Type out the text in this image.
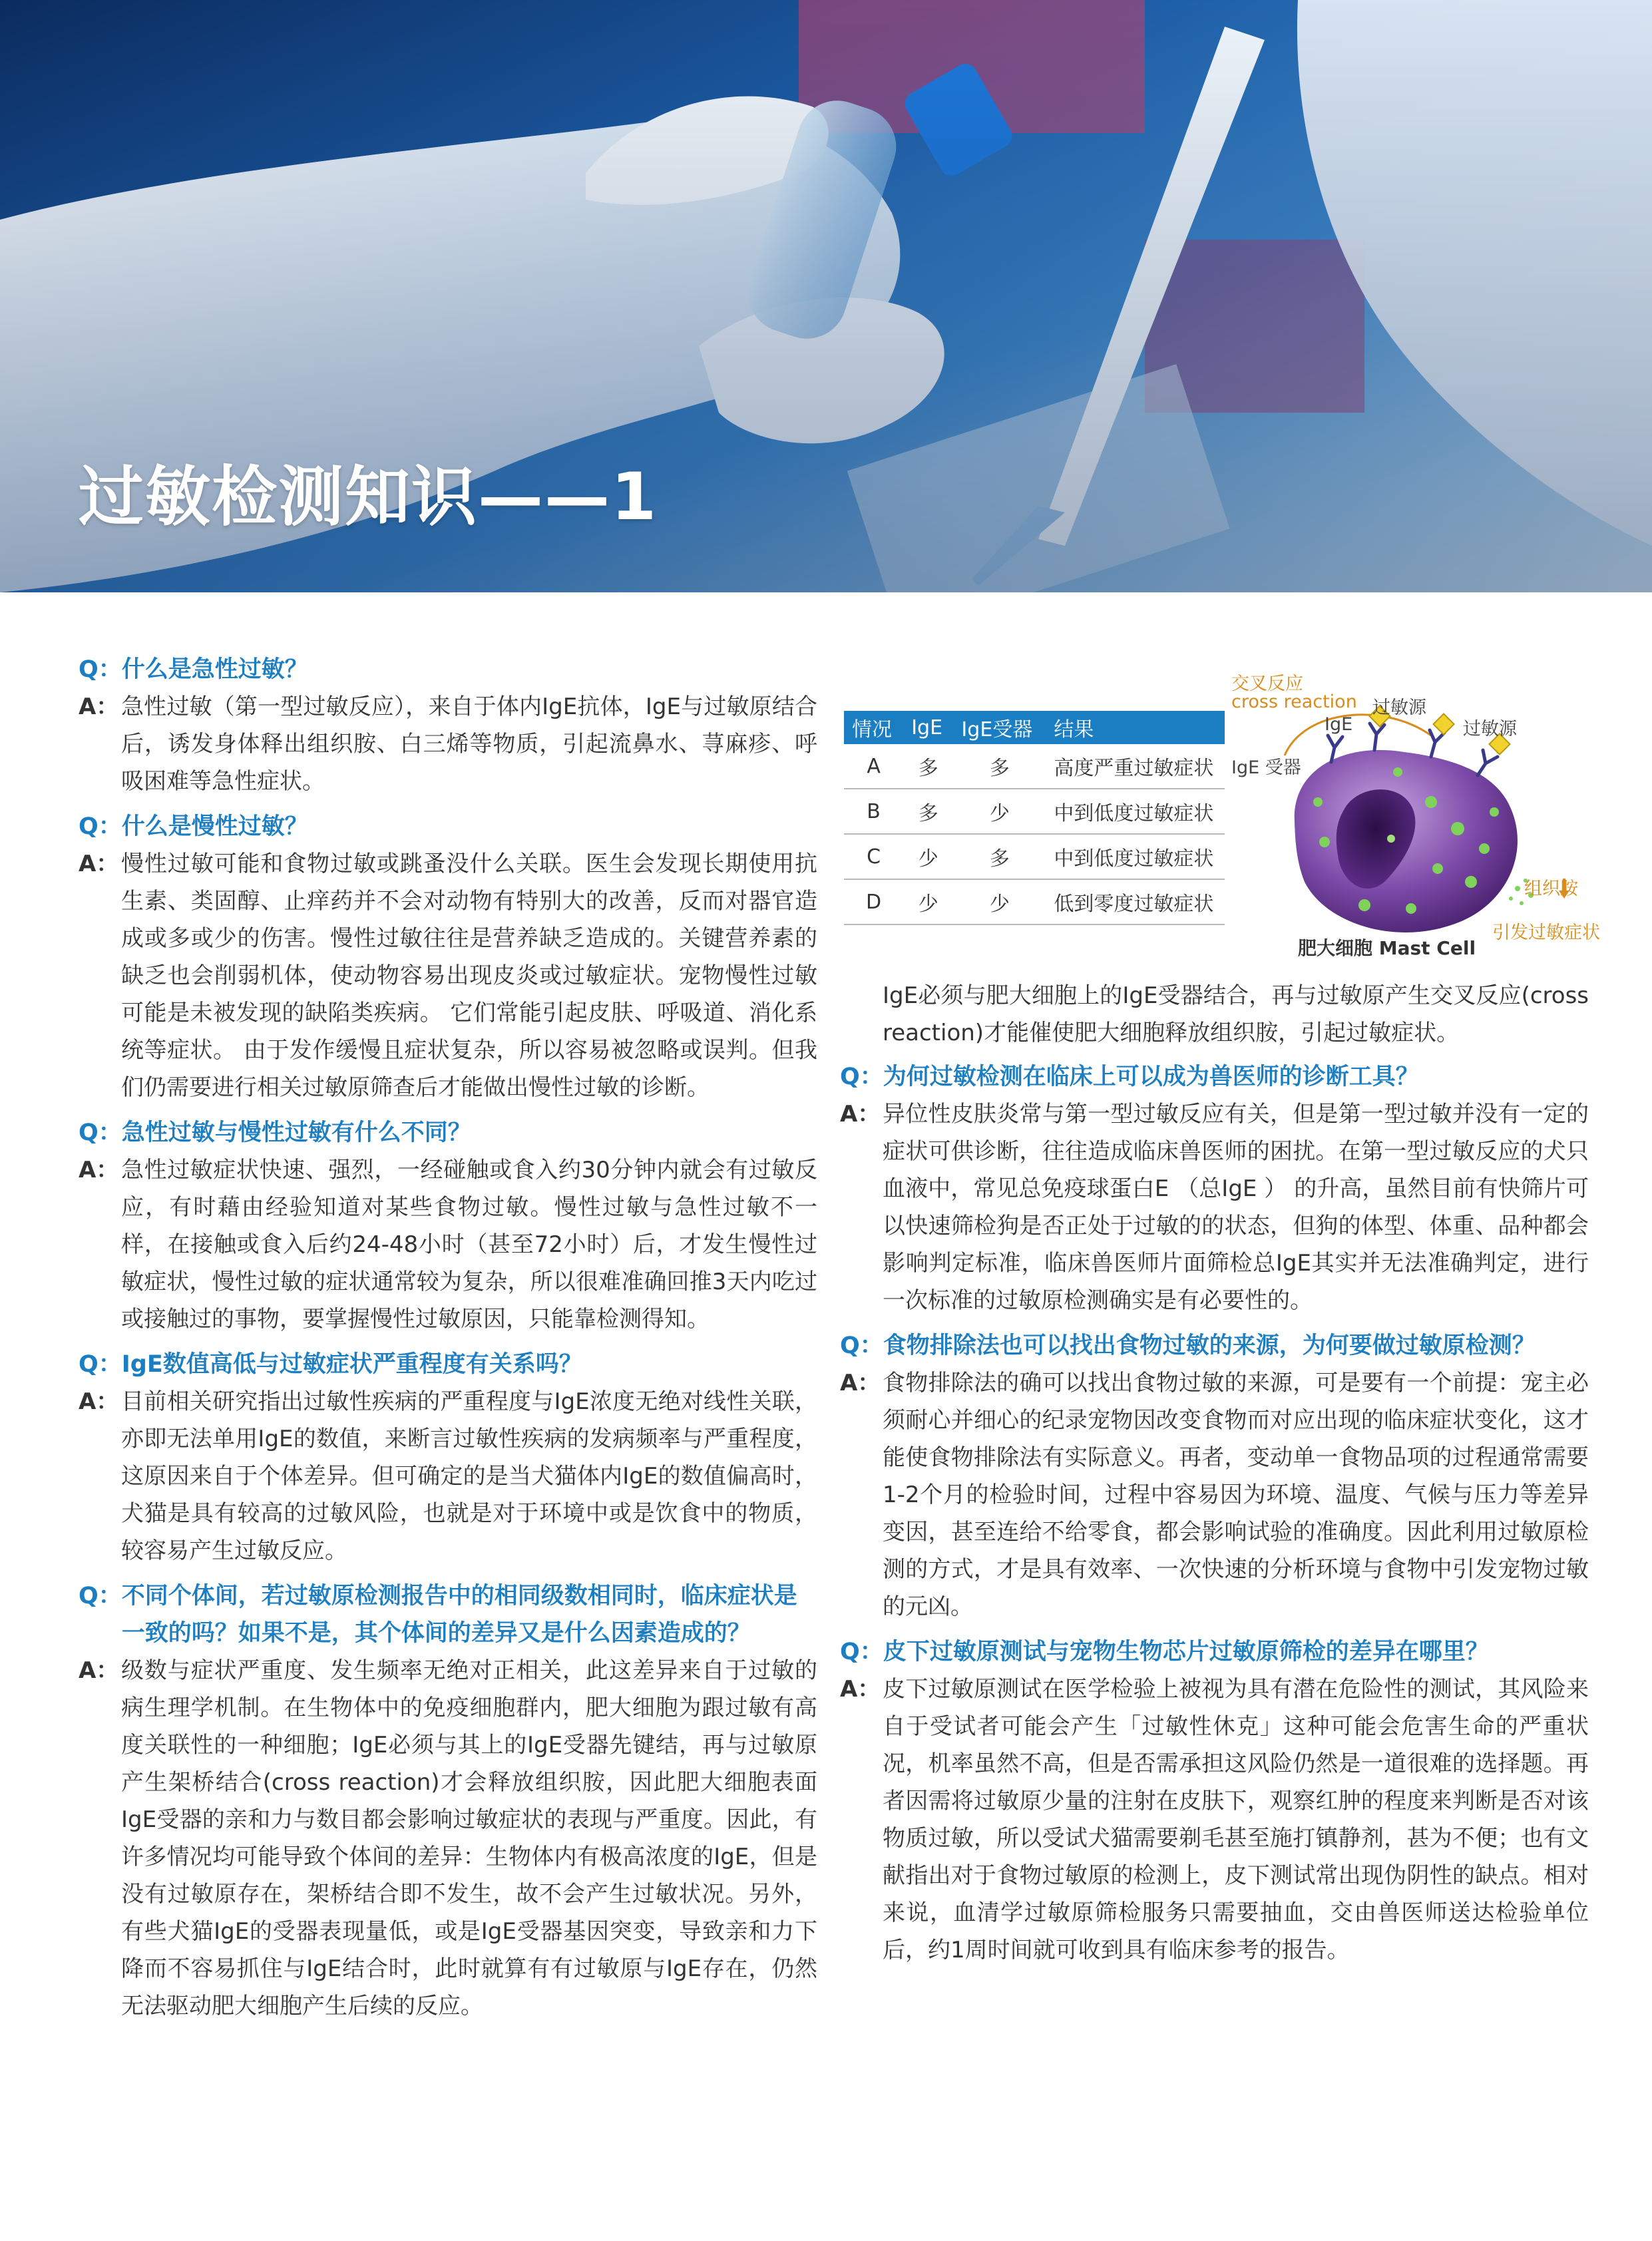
过敏检测知识——1
Q： 什么是急性过敏？
A： 急性过敏（第一型过敏反应），来自于体内IgE抗体，IgE与过敏原结合后，诱发身体释出组织胺、白三烯等物质，引起流鼻水、荨麻疹、呼吸困难等急性症状。
Q： 什么是慢性过敏？
A： 慢性过敏可能和食物过敏或跳蚤没什么关联。医生会发现长期使用抗生素、类固醇、止痒药并不会对动物有特别大的改善，反而对器官造成或多或少的伤害。慢性过敏往往是营养缺乏造成的。关键营养素的缺乏也会削弱机体，使动物容易出现皮炎或过敏症状。宠物慢性过敏可能是未被发现的缺陷类疾病。 它们常能引起皮肤、呼吸道、消化系统等症状。 由于发作缓慢且症状复杂，所以容易被忽略或误判。但我们仍需要进行相关过敏原筛查后才能做出慢性过敏的诊断。
Q： 急性过敏与慢性过敏有什么不同？
A： 急性过敏症状快速、强烈，一经碰触或食入约30分钟内就会有过敏反应，有时藉由经验知道对某些食物过敏。慢性过敏与急性过敏不一样，在接触或食入后约24-48小时（甚至72小时）后，才发生慢性过敏症状，慢性过敏的症状通常较为复杂，所以很难准确回推3天内吃过或接触过的事物，要掌握慢性过敏原因，只能靠检测得知。
Q： IgE数值高低与过敏症状严重程度有关系吗？
A： 目前相关研究指出过敏性疾病的严重程度与IgE浓度无绝对线性关联，亦即无法单用IgE的数值，来断言过敏性疾病的发病频率与严重程度，这原因来自于个体差异。但可确定的是当犬猫体内IgE的数值偏高时，犬猫是具有较高的过敏风险，也就是对于环境中或是饮食中的物质，较容易产生过敏反应。
Q： 不同个体间，若过敏原检测报告中的相同级数相同时，临床症状是一致的吗？如果不是，其个体间的差异又是什么因素造成的？
A： 级数与症状严重度、发生频率无绝对正相关，此这差异来自于过敏的病生理学机制。在生物体中的免疫细胞群内，肥大细胞为跟过敏有高度关联性的一种细胞；IgE必须与其上的IgE受器先键结，再与过敏原产生架桥结合(cross reaction)才会释放组织胺，因此肥大细胞表面IgE受器的亲和力与数目都会影响过敏症状的表现与严重度。因此，有许多情况均可能导致个体间的差异：生物体内有极高浓度的IgE，但是没有过敏原存在，架桥结合即不发生，故不会产生过敏状况。另外，有些犬猫IgE的受器表现量低，或是IgE受器基因突变，导致亲和力下降而不容易抓住与IgE结合时，此时就算有有过敏原与IgE存在，仍然无法驱动肥大细胞产生后续的反应。
情况	IgE	IgE受器	结果
A	多	多	高度严重过敏症状
B	多	少	中到低度过敏症状
C	少	多	中到低度过敏症状
D	少	少	低到零度过敏症状
交叉反应
cross reaction 过敏源
IgE	过敏源
IgE 受器
组织胺
引发过敏症状
肥大细胞 Mast Cell
IgE必须与肥大细胞上的IgE受器结合，再与过敏原产生交叉反应(cross reaction)才能催使肥大细胞释放组织胺，引起过敏症状。
Q： 为何过敏检测在临床上可以成为兽医师的诊断工具？
A： 异位性皮肤炎常与第一型过敏反应有关，但是第一型过敏并没有一定的症状可供诊断，往往造成临床兽医师的困扰。在第一型过敏反应的犬只血液中，常见总免疫球蛋白E （总IgE ） 的升高，虽然目前有快筛片可以快速筛检狗是否正处于过敏的的状态，但狗的体型、体重、品种都会影响判定标准，临床兽医师片面筛检总IgE其实并无法准确判定，进行一次标准的过敏原检测确实是有必要性的。
Q： 食物排除法也可以找出食物过敏的来源，为何要做过敏原检测？
A： 食物排除法的确可以找出食物过敏的来源，可是要有一个前提：宠主必须耐心并细心的纪录宠物因改变食物而对应出现的临床症状变化，这才能使食物排除法有实际意义。再者，变动单一食物品项的过程通常需要1-2个月的检验时间，过程中容易因为环境、温度、气候与压力等差异变因，甚至连给不给零食，都会影响试验的准确度。因此利用过敏原检测的方式，才是具有效率、一次快速的分析环境与食物中引发宠物过敏的元凶。
Q： 皮下过敏原测试与宠物生物芯片过敏原筛检的差异在哪里？
A： 皮下过敏原测试在医学检验上被视为具有潜在危险性的测试，其风险来自于受试者可能会产生「过敏性休克」这种可能会危害生命的严重状况，机率虽然不高，但是否需承担这风险仍然是一道很难的选择题。再者因需将过敏原少量的注射在皮肤下，观察红肿的程度来判断是否对该物质过敏，所以受试犬猫需要剃毛甚至施打镇静剂，甚为不便；也有文献指出对于食物过敏原的检测上，皮下测试常出现伪阴性的缺点。相对来说，血清学过敏原筛检服务只需要抽血，交由兽医师送达检验单位后，约1周时间就可收到具有临床参考的报告。
